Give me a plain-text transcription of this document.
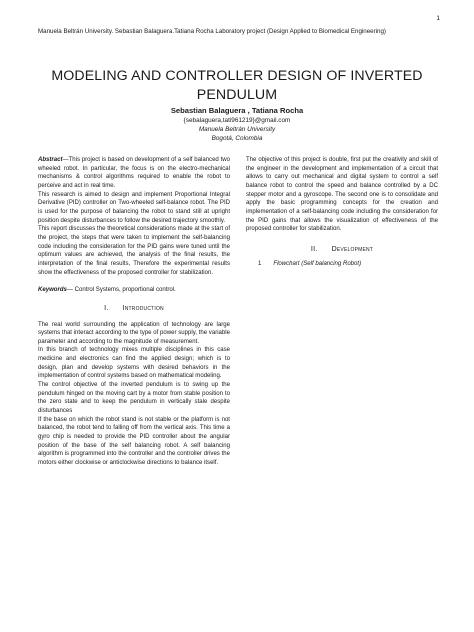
1
Manuela Beltrán University. Sebastian Balaguera.Tatiana Rocha Laboratory project (Design Applied to Biomedical Engineering)
MODELING AND CONTROLLER DESIGN OF INVERTED PENDULUM
Sebastian Balaguera , Tatiana Rocha
{sebalaguera,tati961219}@gmail.com
Manuela Beltrán University
Bogotá, Colombia

Abstract—This project is based on development of a self balanced two wheeled robot. In particular, the focus is on the electro-mechanical mechanisms & control algorithms required to enable the robot to perceive and act in real time.

This research is aimed to design and implement Proportional Integral Derivative (PID) controller on Two-wheeled self-balance robot. The PID is used for the purpose of balancing the robot to stand still at upright position despite disturbances to follow the desired trajectory smoothly.

This report discusses the theoretical considerations made at the start of the project, the steps that were taken to implement the self-balancing code including the consideration for the PID gains were tuned until the optimum values are achieved, the analysis of the final results, the interpretation of the final results, Therefore the experimental results show the effectiveness of the proposed controller for stabilization.

Keywords— Control Systems, proportional control.

I. Introduction

The real world surrounding the application of technology are large systems that interact according to the type of power supply, the variable parameter and according to the magnitude of measurement.

In this branch of technology mixes multiple disciplines in this case medicine and electronics can find the applied design; which is to design, plan and develop systems with desired behaviors in the implementation of control systems based on mathematical modeling.

The control objective of the inverted pendulum is to swing up the pendulum hinged on the moving cart by a motor from stable position to the zero state and to keep the pendulum in vertically stale despite disturbances

If the base on which the robot stand is not stable or the platform is not balanced, the robot tend to falling off from the vertical axis. This time a gyro chip is needed to provide the PID controller about the angular position of the base of the self balancing robot. A self balancing algorithm is programmed into the controller and the controller drives the motors either clockwise or anticlockwise directions to balance itself.

The objective of this project is double, first put the creativity and skill of the engineer in the development and implementation of a circuit that allows to carry out mechanical and digital system to control a self balance robot to control the speed and balance controlled by a DC stepper motor and a gyroscope. The second one is to consolidate and apply the basic programming concepts for the creation and implementation of a self-balancing code including the consideration for the PID gains that allows the visualization of effectiveness of the proposed controller for stabilization.

II. Development

1 Flowchart (Self balancing Robot)
